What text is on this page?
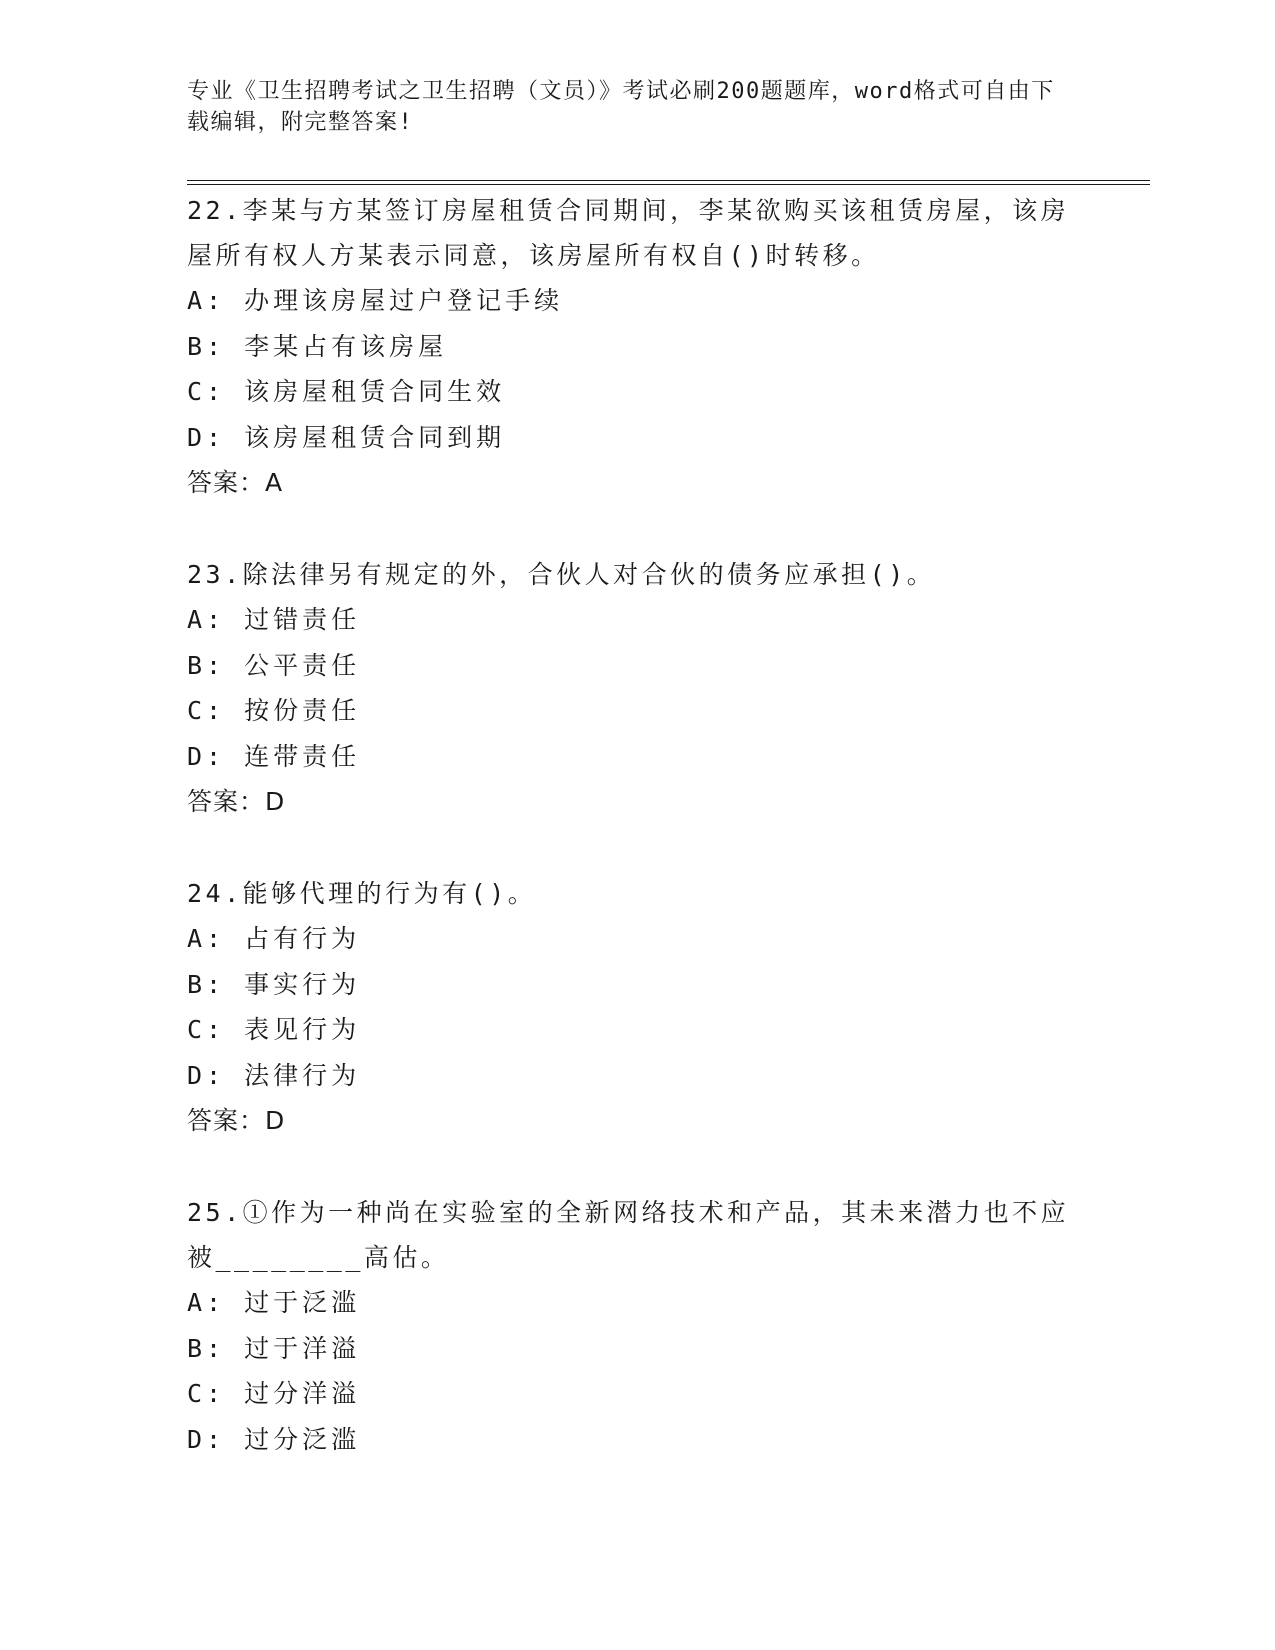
专业《卫生招聘考试之卫生招聘（文员）》考试必刷200题题库，word格式可自由下载编辑，附完整答案!
22.李某与方某签订房屋租赁合同期间，李某欲购买该租赁房屋，该房屋所有权人方某表示同意，该房屋所有权自()时转移。
A: 办理该房屋过户登记手续
B: 李某占有该房屋
C: 该房屋租赁合同生效
D: 该房屋租赁合同到期
答案：A
23.除法律另有规定的外，合伙人对合伙的债务应承担()。
A: 过错责任
B: 公平责任
C: 按份责任
D: 连带责任
答案：D
24.能够代理的行为有()。
A: 占有行为
B: 事实行为
C: 表见行为
D: 法律行为
答案：D
25.①作为一种尚在实验室的全新网络技术和产品，其未来潜力也不应被________高估。
A: 过于泛滥
B: 过于洋溢
C: 过分洋溢
D: 过分泛滥
